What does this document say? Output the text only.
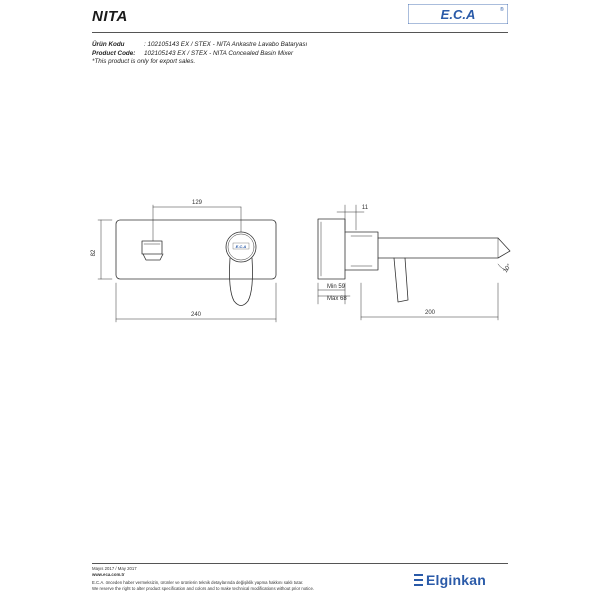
NITA	E.C.A	®
Ürün Kodu	: 102105143 EX / STEX - NITA Ankastre Lavabo Bataryası
Product Code: 102105143 EX / STEX - NITA Concealed Basin Mixer
*This product is only for export sales.
E.C.A
129
82
240
11
Min 59
Max 68
200
10°
Mayıs 2017 / May 2017
www.eca.com.tr
E.C.A. önceden haber vermeksizin, ürünler ve ürünlerin teknik detaylarında değişiklik yapma hakkını saklı tutar.
We reserve the right to alter product specification and colors and to make technical modifications without prior notice.
Elginkan
